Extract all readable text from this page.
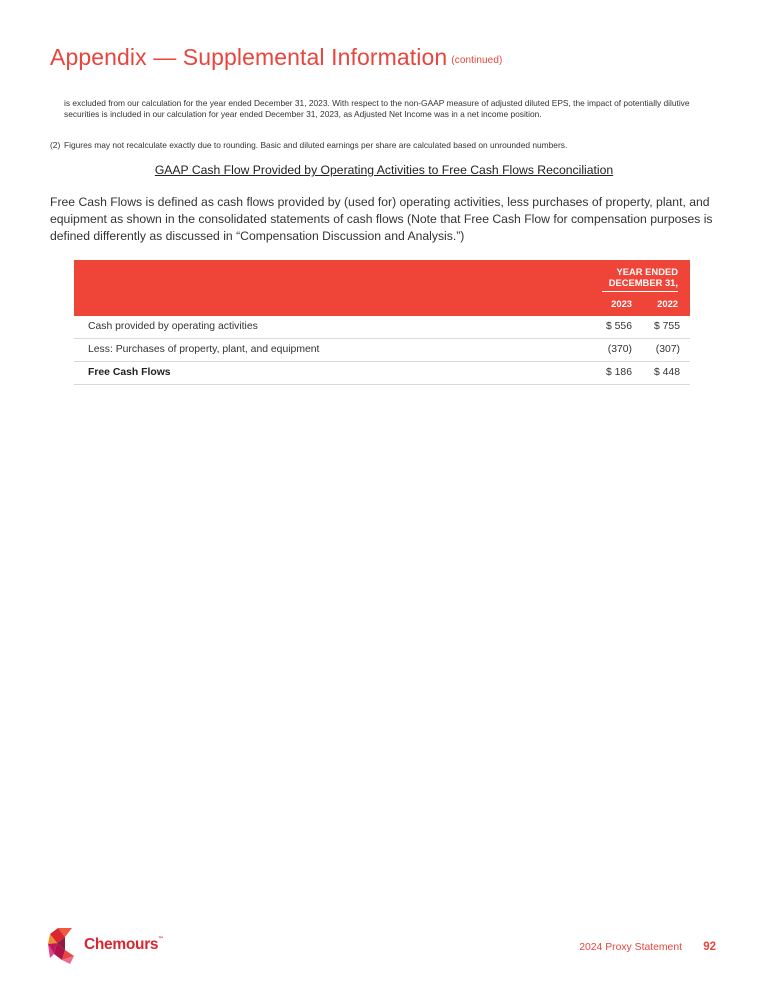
Appendix — Supplemental Information (continued)

is excluded from our calculation for the year ended December 31, 2023. With respect to the non-GAAP measure of adjusted diluted EPS, the impact of potentially dilutive securities is included in our calculation for year ended December 31, 2023, as Adjusted Net Income was in a net income position.

(2) Figures may not recalculate exactly due to rounding. Basic and diluted earnings per share are calculated based on unrounded numbers.

GAAP Cash Flow Provided by Operating Activities to Free Cash Flows Reconciliation

Free Cash Flows is defined as cash flows provided by (used for) operating activities, less purchases of property, plant, and equipment as shown in the consolidated statements of cash flows (Note that Free Cash Flow for compensation purposes is defined differently as discussed in “Compensation Discussion and Analysis.”)

YEAR ENDED DECEMBER 31,
2023	2022
Cash provided by operating activities	$ 556 $ 755
Less: Purchases of property, plant, and equipment	(370) (307)
Free Cash Flows	$ 186 $ 448
Chemours™
2024 Proxy Statement 92
